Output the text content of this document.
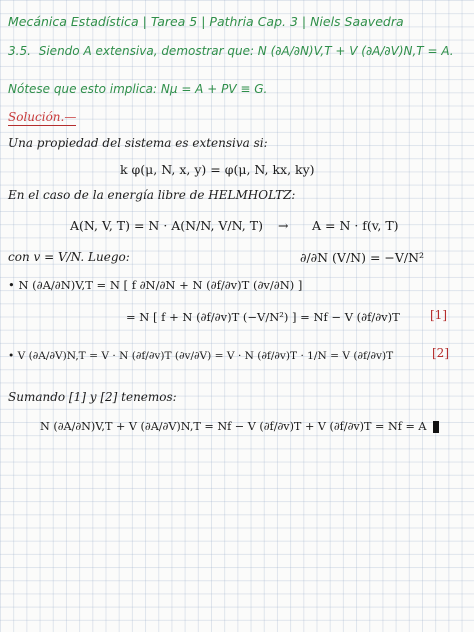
Mecánica Estadística | Tarea 5 | Pathria Cap. 3 | Niels Saavedra
3.5. Siendo A extensiva, demostrar que: N (∂A/∂N)V,T + V (∂A/∂V)N,T = A.
Nótese que esto implica: Nμ = A + PV ≡ G.
Solución.—
Una propiedad del sistema es extensiva si:
k φ(μ, N, x, y) = φ(μ, N, kx, ky)
En el caso de la energía libre de HELMHOLTZ:
A(N, V, T) = N · A(N/N, V/N, T) → A = N · f(v, T)
con v = V/N. Luego:	∂/∂N (V/N) = −V/N²
• N (∂A/∂N)V,T = N [ f ∂N/∂N + N (∂f/∂v)T (∂v/∂N) ]
= N [ f + N (∂f/∂v)T (−V/N²) ] = Nf − V (∂f/∂v)T	[1]
• V (∂A/∂V)N,T = V · N (∂f/∂v)T (∂v/∂V) = V · N (∂f/∂v)T · 1/N = V (∂f/∂v)T	[2]
Sumando [1] y [2] tenemos:
N (∂A/∂N)V,T + V (∂A/∂V)N,T = Nf − V (∂f/∂v)T + V (∂f/∂v)T = Nf = A
